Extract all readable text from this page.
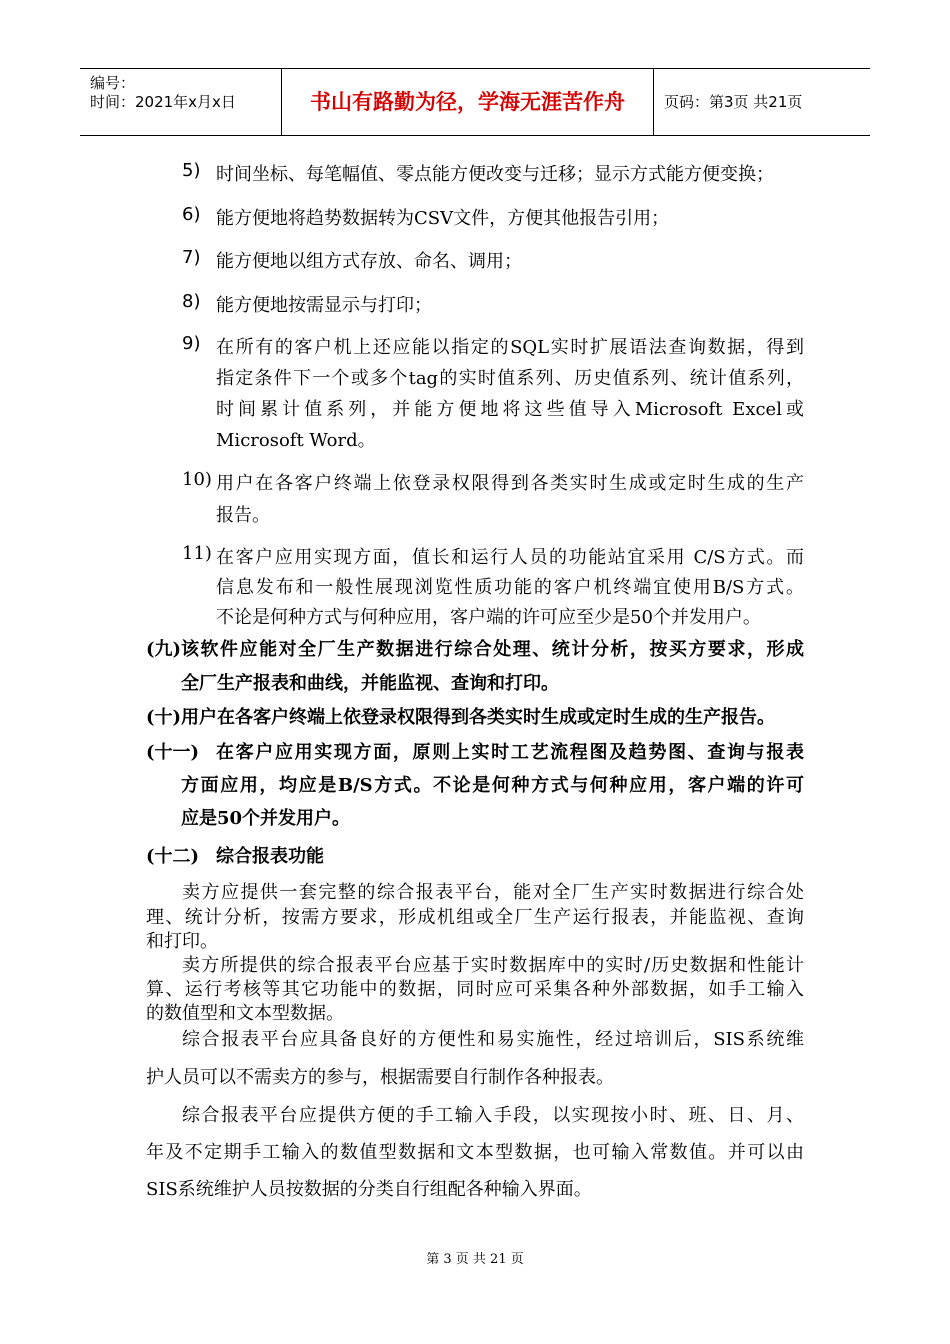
编号：
时间：2021年x月x日	书山有路勤为径，学海无涯苦作舟	页码：第3页 共21页
5) 时间坐标、每笔幅值、零点能方便改变与迁移；显示方式能方便变换；
6) 能方便地将趋势数据转为CSV文件，方便其他报告引用；
7) 能方便地以组方式存放、命名、调用；
8) 能方便地按需显示与打印；
9) 在所有的客户机上还应能以指定的SQL实时扩展语法查询数据，得到
指定条件下一个或多个tag的实时值系列、历史值系列、统计值系列，
时间累计值系列，并能方便地将这些值导入Microsoft Excel或
Microsoft Word。
10) 用户在各客户终端上依登录权限得到各类实时生成或定时生成的生产
报告。
11) 在客户应用实现方面，值长和运行人员的功能站宜采用 C/S方式。而
信息发布和一般性展现浏览性质功能的客户机终端宜使用B/S方式。
不论是何种方式与何种应用，客户端的许可应至少是50个并发用户。
(九) 该软件应能对全厂生产数据进行综合处理、统计分析，按买方要求，形成
全厂生产报表和曲线，并能监视、查询和打印。
(十) 用户在各客户终端上依登录权限得到各类实时生成或定时生成的生产报告。
(十一) 在客户应用实现方面，原则上实时工艺流程图及趋势图、查询与报表
方面应用，均应是B/S方式。不论是何种方式与何种应用，客户端的许可
应是50个并发用户。
(十二) 综合报表功能
卖方应提供一套完整的综合报表平台，能对全厂生产实时数据进行综合处
理、统计分析，按需方要求，形成机组或全厂生产运行报表，并能监视、查询
和打印。
卖方所提供的综合报表平台应基于实时数据库中的实时/历史数据和性能计
算、运行考核等其它功能中的数据，同时应可采集各种外部数据，如手工输入
的数值型和文本型数据。
综合报表平台应具备良好的方便性和易实施性，经过培训后，SIS系统维
护人员可以不需卖方的参与，根据需要自行制作各种报表。
综合报表平台应提供方便的手工输入手段，以实现按小时、班、日、月、
年及不定期手工输入的数值型数据和文本型数据，也可输入常数值。并可以由
SIS系统维护人员按数据的分类自行组配各种输入界面。
第 3 页 共 21 页
